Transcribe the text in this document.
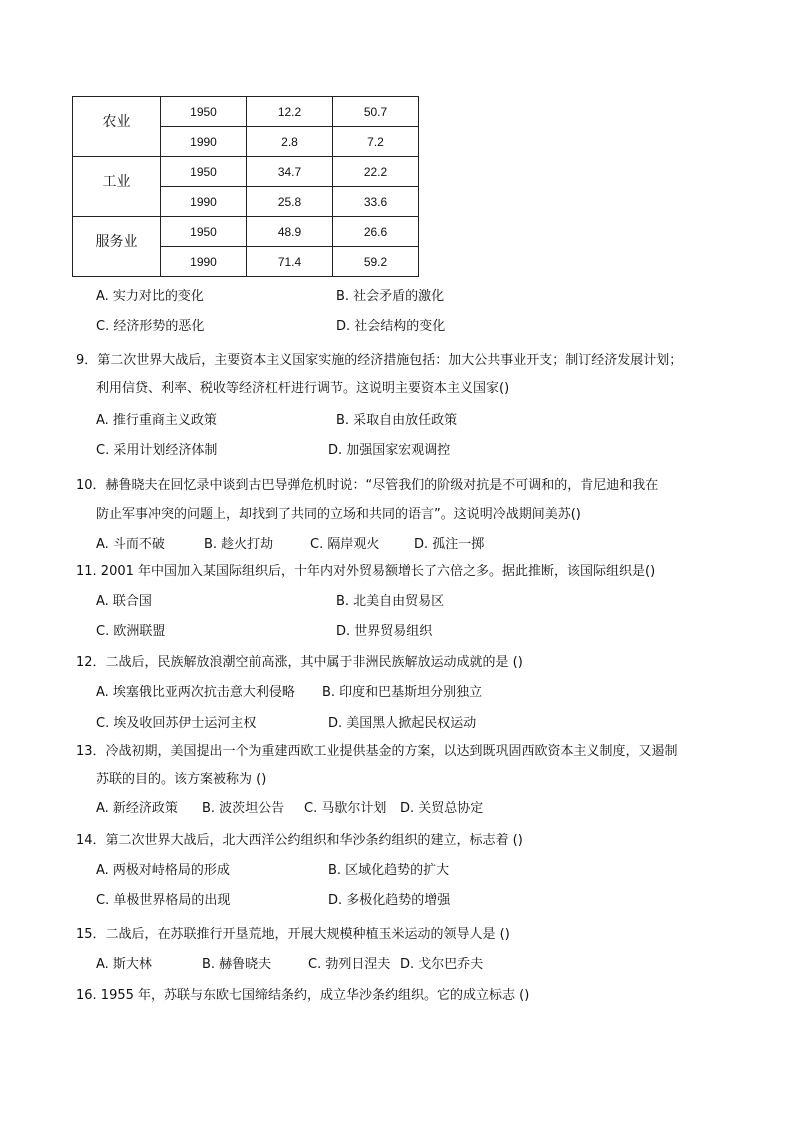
农业	1950	12.2	50.7
	1990	2.8	7.2
工业	1950	34.7	22.2
	1990	25.8	33.6
服务业	1950	48.9	26.6
	1990	71.4	59.2
A. 实力对比的变化	B. 社会矛盾的激化
C. 经济形势的恶化	D. 社会结构的变化
9．第二次世界大战后，主要资本主义国家实施的经济措施包括：加大公共事业开支；制订经济发展计划；
利用信贷、利率、税收等经济杠杆进行调节。这说明主要资本主义国家()
A. 推行重商主义政策	B. 采取自由放任政策
C. 采用计划经济体制	D. 加强国家宏观调控
10．赫鲁晓夫在回忆录中谈到古巴导弹危机时说：“尽管我们的阶级对抗是不可调和的，肯尼迪和我在
防止军事冲突的问题上，却找到了共同的立场和共同的语言”。这说明冷战期间美苏()
A. 斗而不破	B. 趁火打劫	C. 隔岸观火	D. 孤注一掷
11. 2001 年中国加入某国际组织后，十年内对外贸易额增长了六倍之多。据此推断，该国际组织是()
A. 联合国	B. 北美自由贸易区
C. 欧洲联盟	D. 世界贸易组织
12．二战后，民族解放浪潮空前高涨，其中属于非洲民族解放运动成就的是 ()
A. 埃塞俄比亚两次抗击意大利侵略 B. 印度和巴基斯坦分别独立
C. 埃及收回苏伊士运河主权	D. 美国黑人掀起民权运动
13．冷战初期，美国提出一个为重建西欧工业提供基金的方案，以达到既巩固西欧资本主义制度，又遏制
苏联的目的。该方案被称为 ()
A. 新经济政策 B. 波茨坦公告 C. 马歇尔计划 D. 关贸总协定
14．第二次世界大战后，北大西洋公约组织和华沙条约组织的建立，标志着 ()
A. 两极对峙格局的形成	B. 区域化趋势的扩大
C. 单极世界格局的出现	D. 多极化趋势的增强
15．二战后，在苏联推行开垦荒地，开展大规模种植玉米运动的领导人是 ()
A. 斯大林	B. 赫鲁晓夫	C. 勃列日涅夫 D. 戈尔巴乔夫
16. 1955 年，苏联与东欧七国缔结条约，成立华沙条约组织。它的成立标志 ()
